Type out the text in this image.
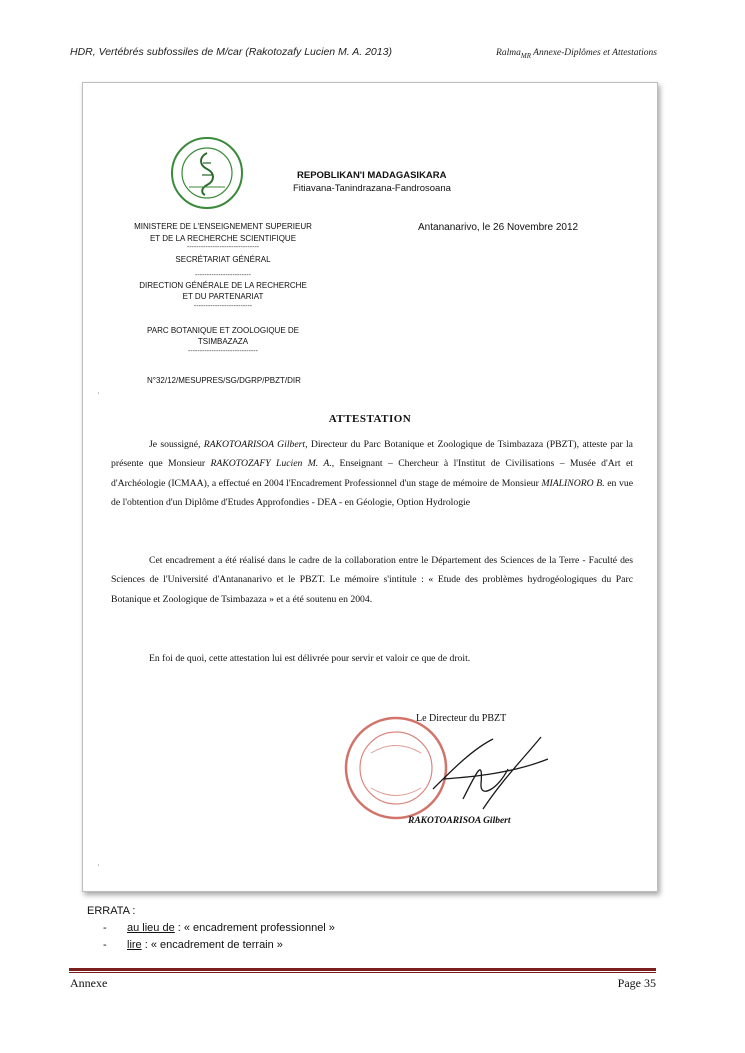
HDR, Vertébrés subfossiles de M/car (Rakotozafy Lucien M. A. 2013)	Ralma$_{MR}$ Annexe-Diplômes et Attestations
REPOBLIKAN'I MADAGASIKARA
Fitiavana-Tanindrazana-Fandrosoana
MINISTERE DE L'ENSEIGNEMENT SUPERIEUR
ET DE LA RECHERCHE SCIENTIFIQUE
-------------------------------
SECRÉTARIAT GÉNÉRAL
------------------------
DIRECTION GÉNÉRALE DE LA RECHERCHE
ET DU PARTENARIAT
-------------------------
PARC BOTANIQUE ET ZOOLOGIQUE DE
TSIMBAZAZA
------------------------------
Antananarivo, le 26 Novembre 2012
N°32/12/MESUPRES/SG/DGRP/PBZT/DIR
·
·
ATTESTATION
Je soussigné, RAKOTOARISOA Gilbert, Directeur du Parc Botanique et Zoologique de Tsimbazaza (PBZT), atteste par la présente que Monsieur RAKOTOZAFY Lucien M. A., Enseignant – Chercheur à l'Institut de Civilisations – Musée d'Art et d'Archéologie (ICMAA), a effectué en 2004 l'Encadrement Professionnel d'un stage de mémoire de Monsieur MIALINORO B. en vue de l'obtention d'un Diplôme d'Etudes Approfondies - DEA - en Géologie, Option Hydrologie
Cet encadrement a été réalisé dans le cadre de la collaboration entre le Département des Sciences de la Terre - Faculté des Sciences de l'Université d'Antananarivo et le PBZT. Le mémoire s'intitule : « Etude des problèmes hydrogéologiques du Parc Botanique et Zoologique de Tsimbazaza » et a été soutenu en 2004.
En foi de quoi, cette attestation lui est délivrée pour servir et valoir ce que de droit.
Le Directeur du PBZT
RAKOTOARISOA Gilbert
ERRATA :
- au lieu de : « encadrement professionnel »
- lire : « encadrement de terrain »
Annexe	Page 35
